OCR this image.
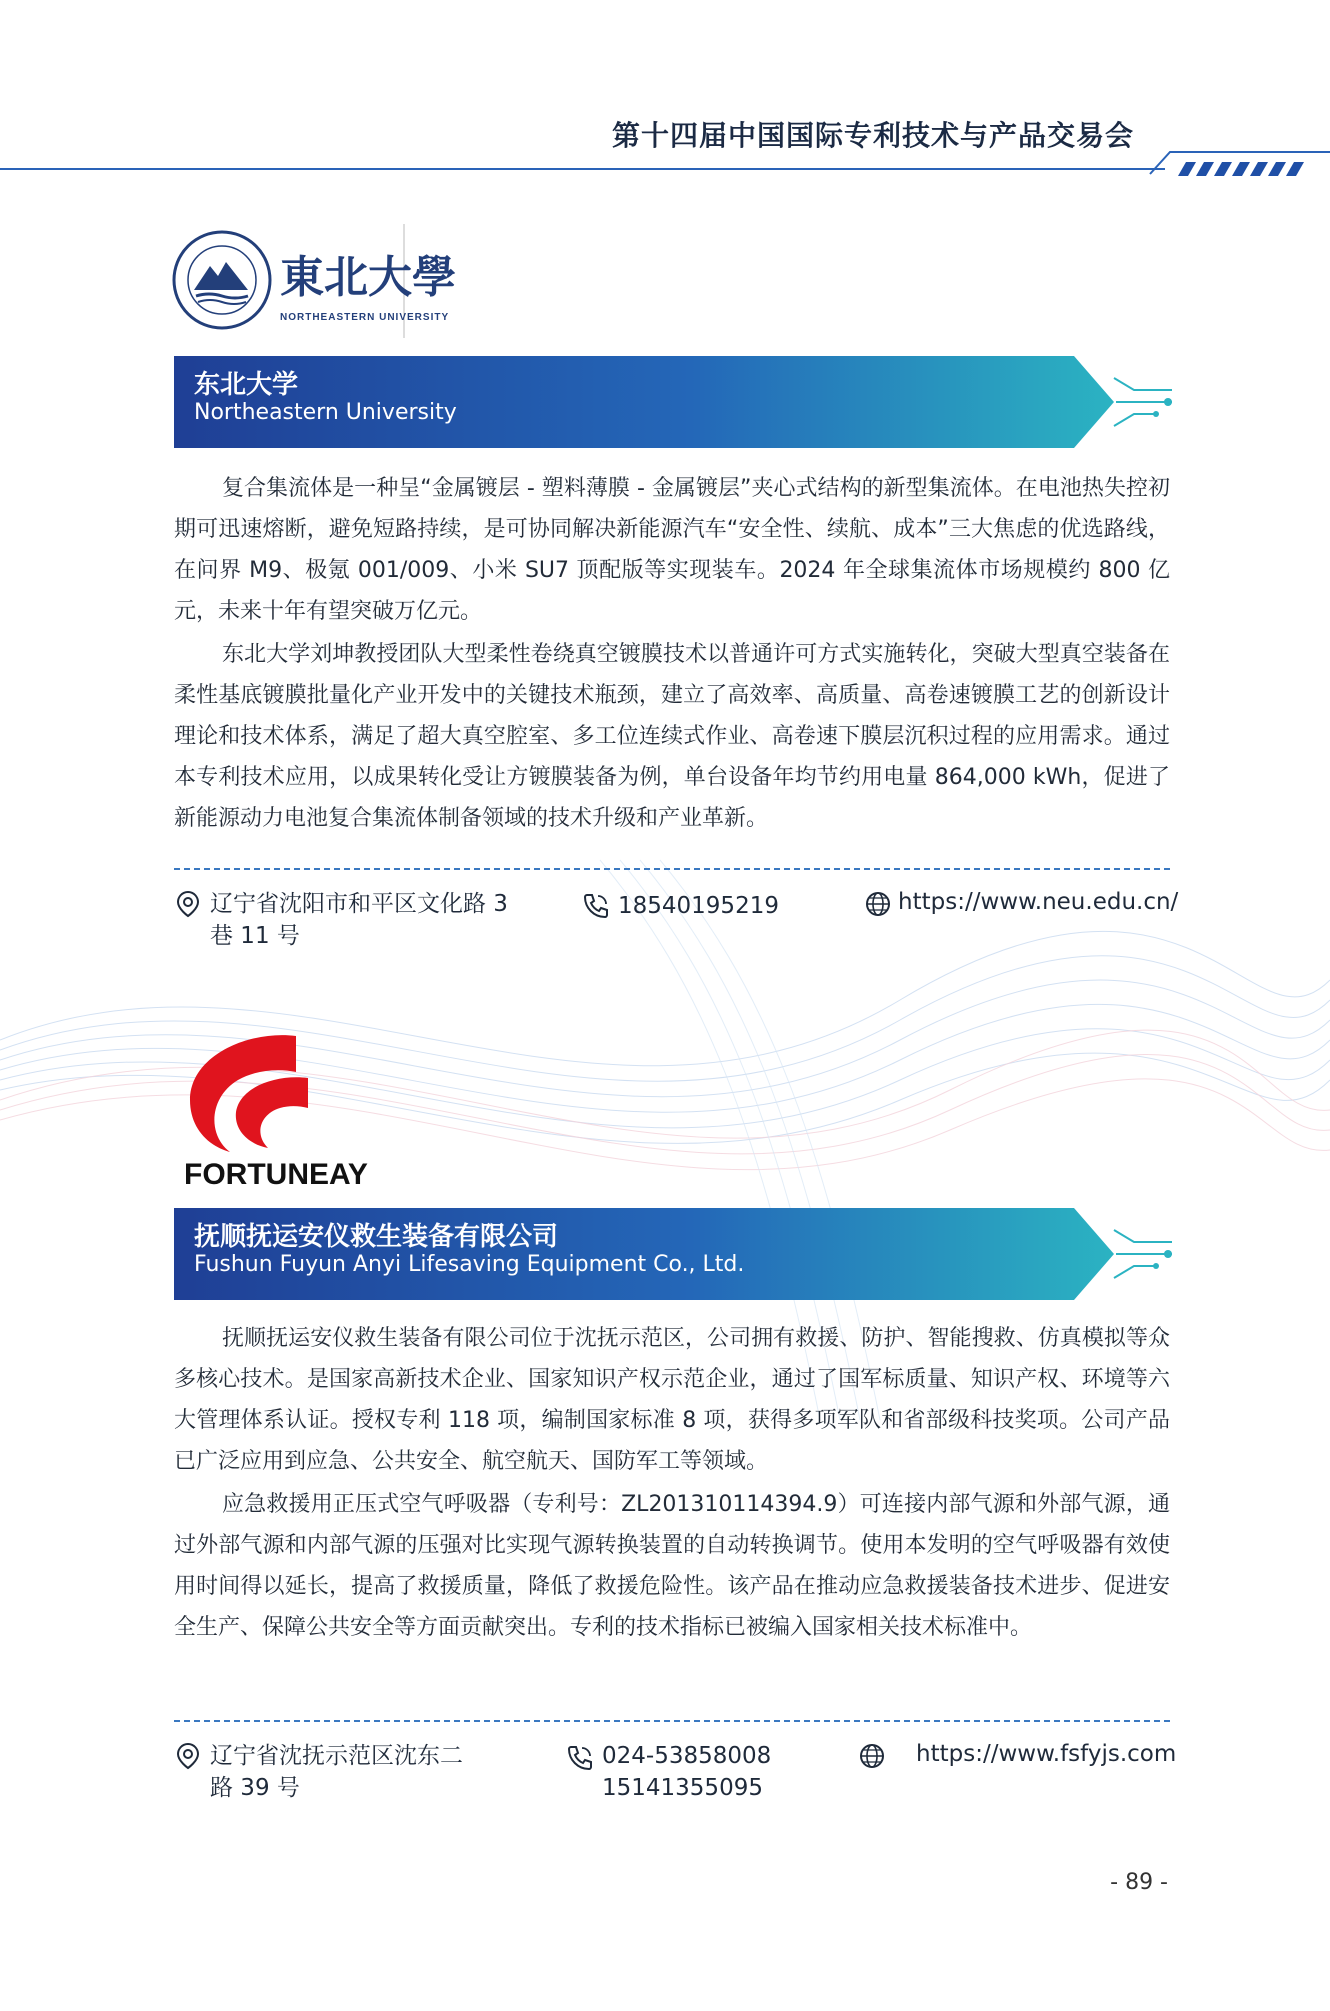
第十四届中国国际专利技术与产品交易会
東北大學
NORTHEASTERN UNIVERSITY
东北大学
Northeastern University

复合集流体是一种呈“金属镀层 - 塑料薄膜 - 金属镀层”夹心式结构的新型集流体。在电池热失控初期可迅速熔断，避免短路持续，是可协同解决新能源汽车“安全性、续航、成本”三大焦虑的优选路线，在问界 M9、极氪 001/009、小米 SU7 顶配版等实现装车。2024 年全球集流体市场规模约 800 亿元，未来十年有望突破万亿元。

东北大学刘坤教授团队大型柔性卷绕真空镀膜技术以普通许可方式实施转化，突破大型真空装备在柔性基底镀膜批量化产业开发中的关键技术瓶颈，建立了高效率、高质量、高卷速镀膜工艺的创新设计理论和技术体系，满足了超大真空腔室、多工位连续式作业、高卷速下膜层沉积过程的应用需求。通过本专利技术应用，以成果转化受让方镀膜装备为例，单台设备年均节约用电量 864,000 kWh，促进了新能源动力电池复合集流体制备领域的技术升级和产业革新。

辽宁省沈阳市和平区文化路 3
巷 11 号
18540195219	https://www.neu.edu.cn/
FORTUNEAY
抚顺抚运安仪救生装备有限公司
Fushun Fuyun Anyi Lifesaving Equipment Co., Ltd.

抚顺抚运安仪救生装备有限公司位于沈抚示范区，公司拥有救援、防护、智能搜救、仿真模拟等众多核心技术。是国家高新技术企业、国家知识产权示范企业，通过了国军标质量、知识产权、环境等六大管理体系认证。授权专利 118 项，编制国家标准 8 项，获得多项军队和省部级科技奖项。公司产品已广泛应用到应急、公共安全、航空航天、国防军工等领域。

应急救援用正压式空气呼吸器（专利号：ZL201310114394.9）可连接内部气源和外部气源，通过外部气源和内部气源的压强对比实现气源转换装置的自动转换调节。使用本发明的空气呼吸器有效使用时间得以延长，提高了救援质量，降低了救援危险性。该产品在推动应急救援装备技术进步、促进安全生产、保障公共安全等方面贡献突出。专利的技术指标已被编入国家相关技术标准中。

辽宁省沈抚示范区沈东二
路 39 号
024-53858008
15141355095
https://www.fsfyjs.com
- 89 -
